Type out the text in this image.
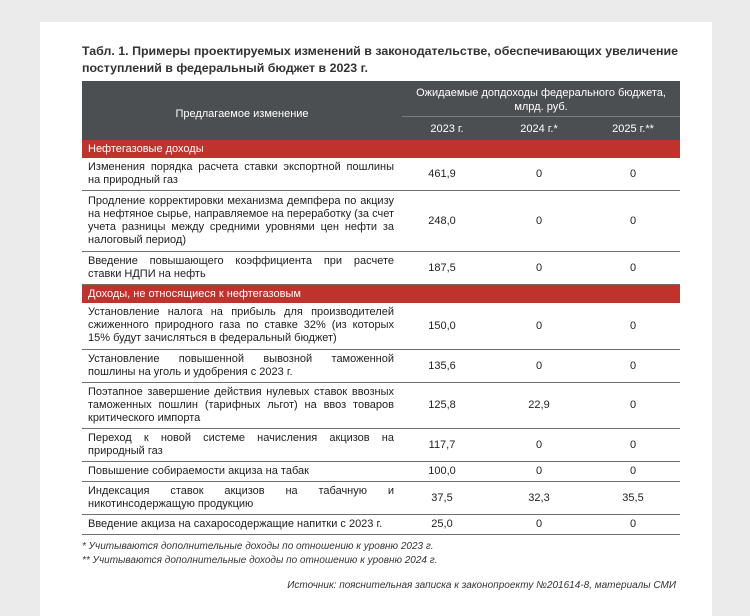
Табл. 1. Примеры проектируемых изменений в законодательстве, обеспечивающих увеличение поступлений в федеральный бюджет в 2023 г.
Предлагаемое изменение	Ожидаемые допдоходы федерального бюджета, млрд. руб.		
	2023 г.	2024 г.*	2025 г.**
Нефтегазовые доходы			
Изменения порядка расчета ставки экспортной пошлины на природный газ	461,9	0	0
Продление корректировки механизма демпфера по акцизу на нефтяное сырье, направляемое на переработку (за счет учета разницы между средними уровнями цен нефти за налоговый период)	248,0	0	0
Введение повышающего коэффициента при расчете ставки НДПИ на нефть	187,5	0	0
Доходы, не относящиеся к нефтегазовым			
Установление налога на прибыль для производителей сжиженного природного газа по ставке 32% (из которых 15% будут зачисляться в федеральный бюджет)	150,0	0	0
Установление повышенной вывозной таможенной пошлины на уголь и удобрения с 2023 г.	135,6	0	0
Поэтапное завершение действия нулевых ставок ввозных таможенных пошлин (тарифных льгот) на ввоз товаров критического импорта	125,8	22,9	0
Переход к новой системе начисления акцизов на природный газ	117,7	0	0
Повышение собираемости акциза на табак	100,0	0	0
Индексация ставок акцизов на табачную и никотинсодержащую продукцию	37,5	32,3	35,5
Введение акциза на сахаросодержащие напитки с 2023 г.	25,0	0	0
* Учитываются дополнительные доходы по отношению к уровню 2023 г.
** Учитываются дополнительные доходы по отношению к уровню 2024 г.
Источник: пояснительная записка к законопроекту №201614-8, материалы СМИ
